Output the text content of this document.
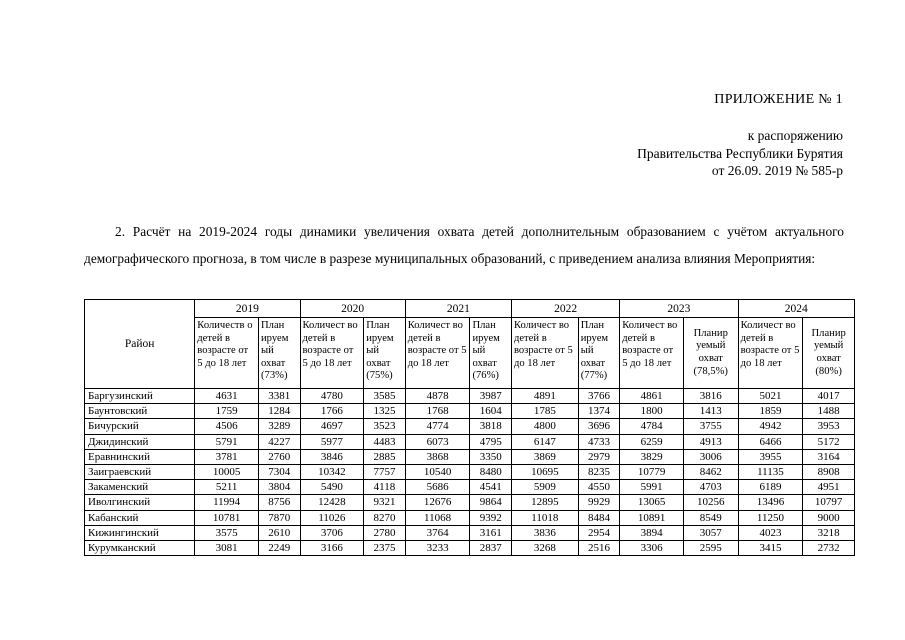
ПРИЛОЖЕНИЕ № 1
к распоряжению
Правительства Республики Бурятия
от 26.09. 2019 № 585-р
2. Расчёт на 2019-2024 годы динамики увеличения охвата детей дополнительным образованием с учётом актуального демографического прогноза, в том числе в разрезе муниципальных образований, с приведением анализа влияния Мероприятия:
Район	2019		2020		2021		2022		2023		2024	
	Количеств о детей в возрасте от 5 до 18 лет	План ируем ый охват (73%)	Количест во детей в возрасте от 5 до 18 лет	План ируем ый охват (75%)	Количест во детей в возрасте от 5 до 18 лет	План ируем ый охват (76%)	Количест во детей в возрасте от 5 до 18 лет	План ируем ый охват (77%)	Количест во детей в возрасте от 5 до 18 лет	Планир уемый охват (78,5%)	Количест во детей в возрасте от 5 до 18 лет	Планир уемый охват (80%)
Баргузинский	4631	3381	4780	3585	4878	3987	4891	3766	4861	3816	5021	4017
Баунтовский	1759	1284	1766	1325	1768	1604	1785	1374	1800	1413	1859	1488
Бичурский	4506	3289	4697	3523	4774	3818	4800	3696	4784	3755	4942	3953
Джидинский	5791	4227	5977	4483	6073	4795	6147	4733	6259	4913	6466	5172
Еравнинский	3781	2760	3846	2885	3868	3350	3869	2979	3829	3006	3955	3164
Заиграевский	10005	7304	10342	7757	10540	8480	10695	8235	10779	8462	11135	8908
Закаменский	5211	3804	5490	4118	5686	4541	5909	4550	5991	4703	6189	4951
Иволгинский	11994	8756	12428	9321	12676	9864	12895	9929	13065	10256	13496	10797
Кабанский	10781	7870	11026	8270	11068	9392	11018	8484	10891	8549	11250	9000
Кижингинский	3575	2610	3706	2780	3764	3161	3836	2954	3894	3057	4023	3218
Курумканский	3081	2249	3166	2375	3233	2837	3268	2516	3306	2595	3415	2732
